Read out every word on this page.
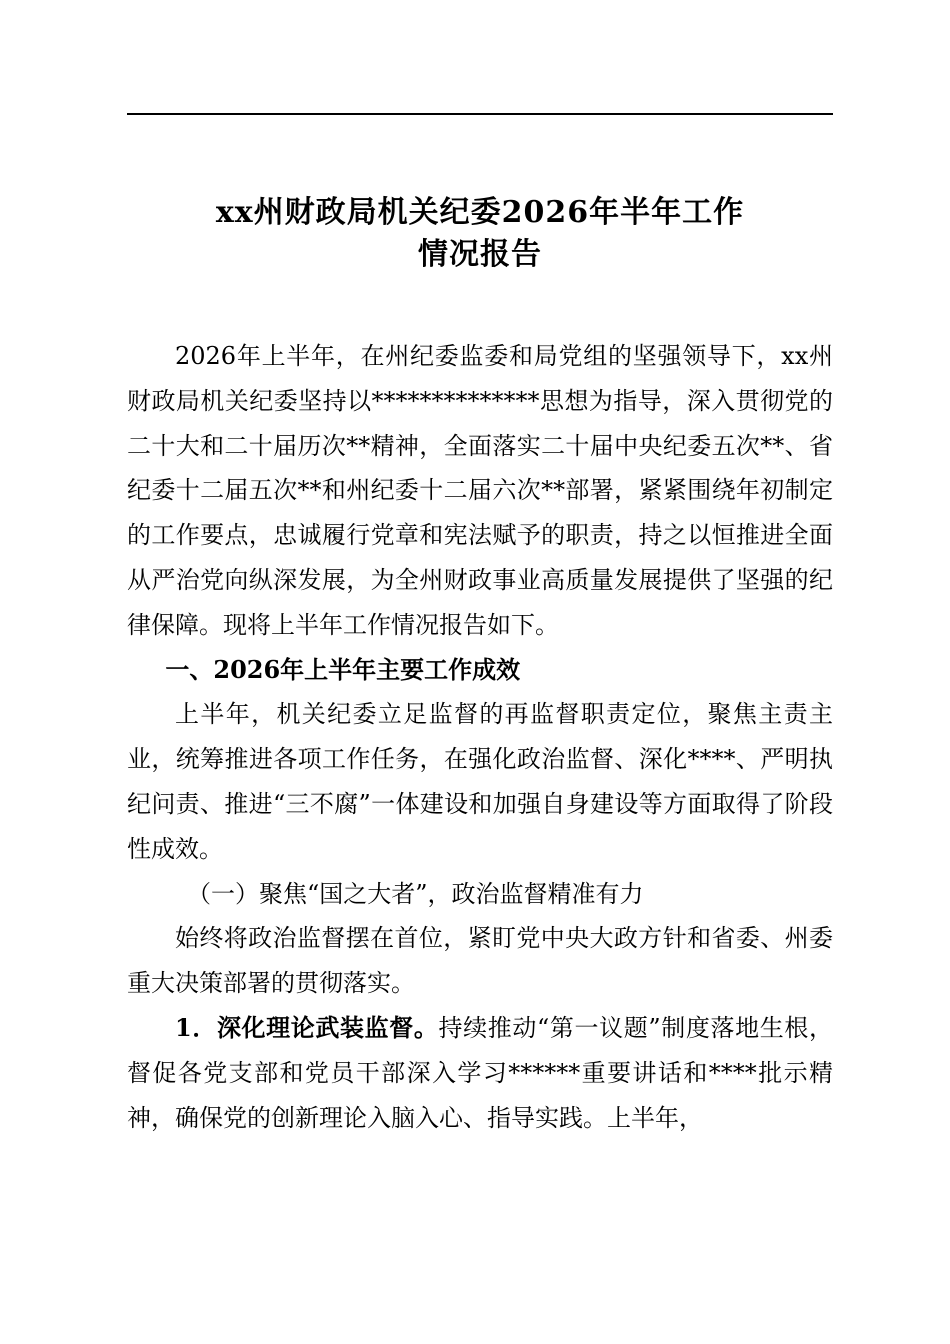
xx州财政局机关纪委2026年半年工作
情况报告

2026年上半年，在州纪委监委和局党组的坚强领导下，xx州财政局机关纪委坚持以**************思想为指导，深入贯彻党的二十大和二十届历次**精神，全面落实二十届中央纪委五次**、省纪委十二届五次**和州纪委十二届六次**部署，紧紧围绕年初制定的工作要点，忠诚履行党章和宪法赋予的职责，持之以恒推进全面从严治党向纵深发展，为全州财政事业高质量发展提供了坚强的纪律保障。现将上半年工作情况报告如下。

一、2026年上半年主要工作成效

上半年，机关纪委立足监督的再监督职责定位，聚焦主责主业，统筹推进各项工作任务，在强化政治监督、深化****、严明执纪问责、推进“三不腐”一体建设和加强自身建设等方面取得了阶段性成效。

（一）聚焦“国之大者”，政治监督精准有力

始终将政治监督摆在首位，紧盯党中央大政方针和省委、州委重大决策部署的贯彻落实。

1．深化理论武装监督。持续推动“第一议题”制度落地生根，督促各党支部和党员干部深入学习******重要讲话和****批示精神，确保党的创新理论入脑入心、指导实践。上半年，
